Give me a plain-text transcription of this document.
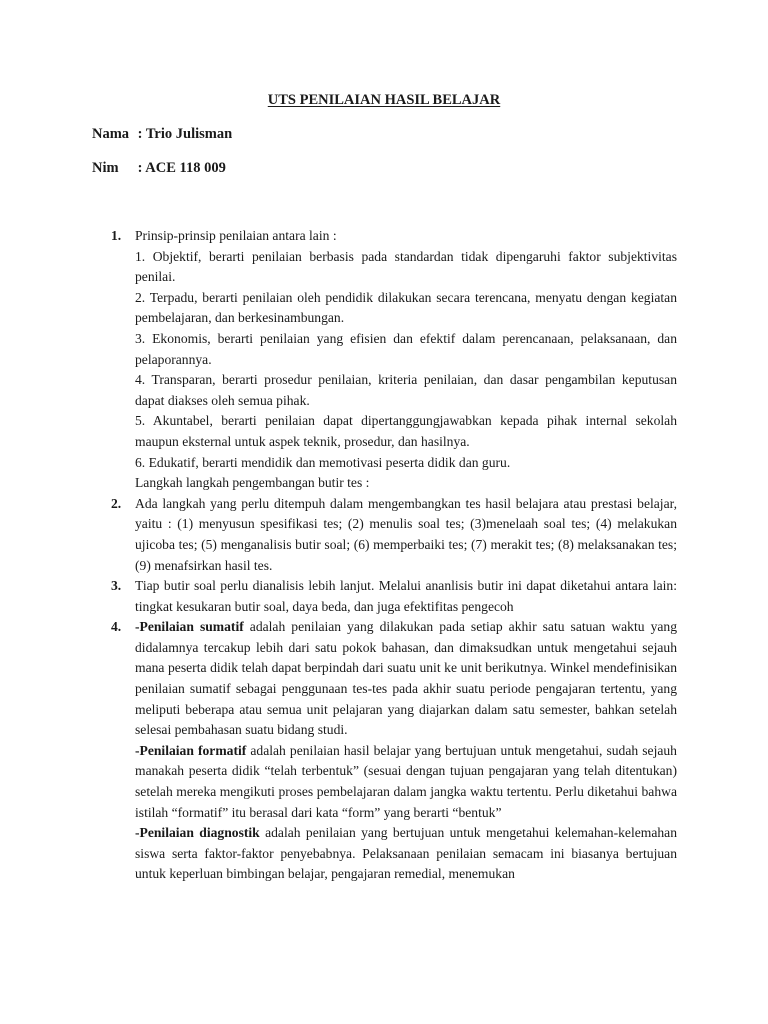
UTS PENILAIAN HASIL BELAJAR
Nama : Trio Julisman
Nim : ACE 118 009
1. Prinsip-prinsip penilaian antara lain :

1. Objektif, berarti penilaian berbasis pada standardan tidak dipengaruhi faktor subjektivitas penilai.

2. Terpadu, berarti penilaian oleh pendidik dilakukan secara terencana, menyatu dengan kegiatan pembelajaran, dan berkesinambungan.

3. Ekonomis, berarti penilaian yang efisien dan efektif dalam perencanaan, pelaksanaan, dan pelaporannya.

4. Transparan, berarti prosedur penilaian, kriteria penilaian, dan dasar pengambilan keputusan dapat diakses oleh semua pihak.

5. Akuntabel, berarti penilaian dapat dipertanggungjawabkan kepada pihak internal sekolah maupun eksternal untuk aspek teknik, prosedur, dan hasilnya.

6. Edukatif, berarti mendidik dan memotivasi peserta didik dan guru.

Langkah langkah pengembangan butir tes :

2. Ada langkah yang perlu ditempuh dalam mengembangkan tes hasil belajara atau prestasi belajar, yaitu : (1) menyusun spesifikasi tes; (2) menulis soal tes; (3)menelaah soal tes; (4) melakukan ujicoba tes; (5) menganalisis butir soal; (6) memperbaiki tes; (7) merakit tes; (8) melaksanakan tes; (9) menafsirkan hasil tes.

3. Tiap butir soal perlu dianalisis lebih lanjut. Melalui ananlisis butir ini dapat diketahui antara lain: tingkat kesukaran butir soal, daya beda, dan juga efektifitas pengecoh

4. -Penilaian sumatif adalah penilaian yang dilakukan pada setiap akhir satu satuan waktu yang didalamnya tercakup lebih dari satu pokok bahasan, dan dimaksudkan untuk mengetahui sejauh mana peserta didik telah dapat berpindah dari suatu unit ke unit berikutnya. Winkel mendefinisikan penilaian sumatif sebagai penggunaan tes-tes pada akhir suatu periode pengajaran tertentu, yang meliputi beberapa atau semua unit pelajaran yang diajarkan dalam satu semester, bahkan setelah selesai pembahasan suatu bidang studi.

-Penilaian formatif adalah penilaian hasil belajar yang bertujuan untuk mengetahui, sudah sejauh manakah peserta didik “telah terbentuk” (sesuai dengan tujuan pengajaran yang telah ditentukan) setelah mereka mengikuti proses pembelajaran dalam jangka waktu tertentu. Perlu diketahui bahwa istilah “formatif” itu berasal dari kata “form” yang berarti “bentuk”

-Penilaian diagnostik adalah penilaian yang bertujuan untuk mengetahui kelemahan-kelemahan siswa serta faktor-faktor penyebabnya. Pelaksanaan penilaian semacam ini biasanya bertujuan untuk keperluan bimbingan belajar, pengajaran remedial, menemukan
